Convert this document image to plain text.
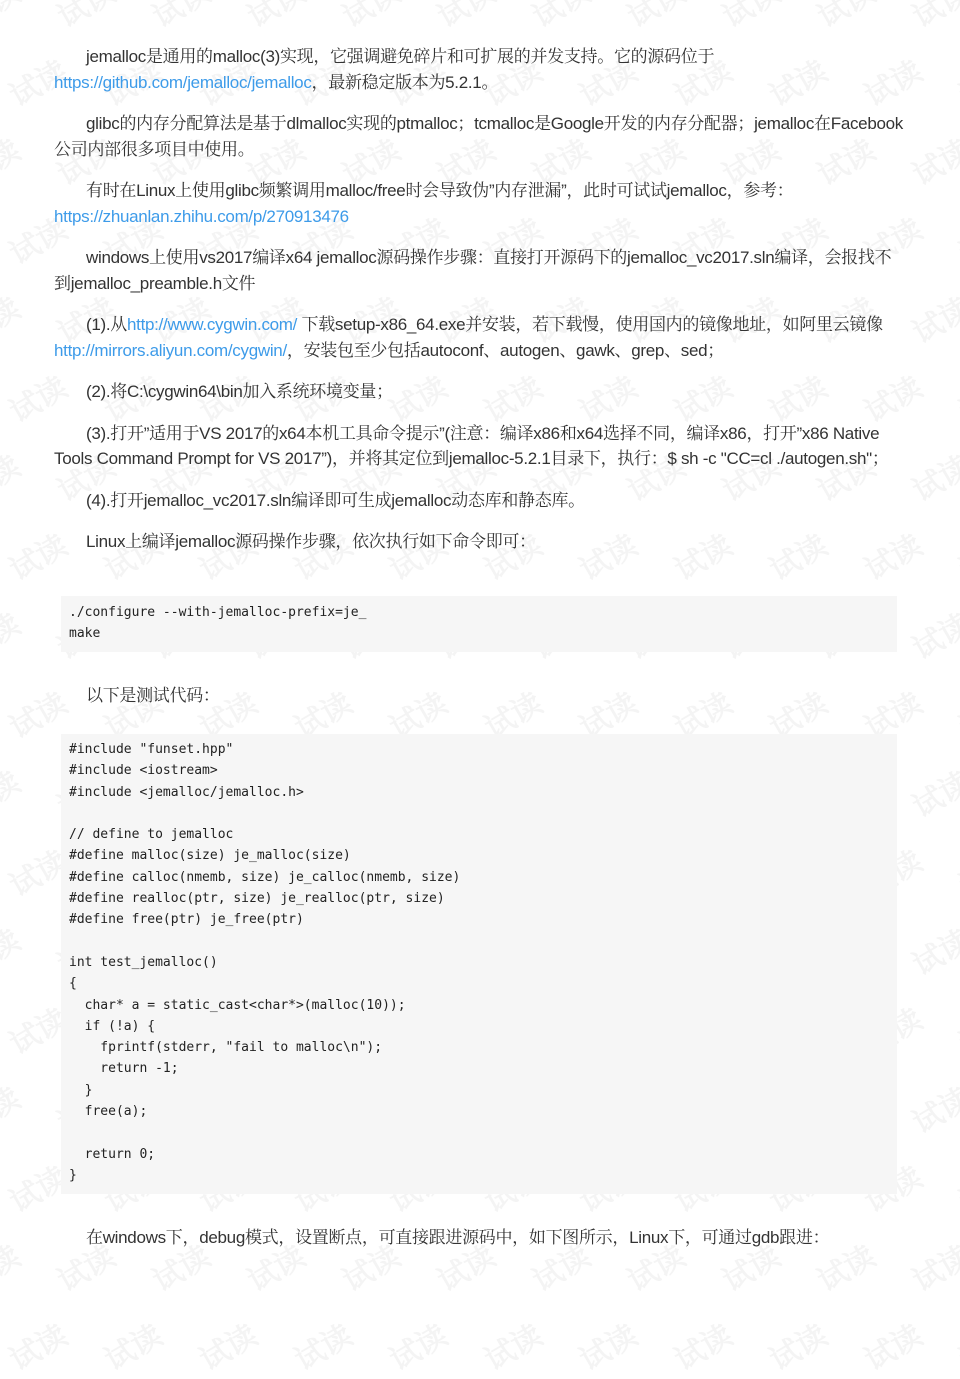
jemalloc是通用的malloc(3)实现，它强调避免碎片和可扩展的并发支持。它的源码位于https://github.com/jemalloc/jemalloc，最新稳定版本为5.2.1。

glibc的内存分配算法是基于dlmalloc实现的ptmalloc；tcmalloc是Google开发的内存分配器；jemalloc在Facebook公司内部很多项目中使用。

有时在Linux上使用glibc频繁调用malloc/free时会导致伪”内存泄漏”，此时可试试jemalloc，参考：https://zhuanlan.zhihu.com/p/270913476

windows上使用vs2017编译x64 jemalloc源码操作步骤：直接打开源码下的jemalloc_vc2017.sln编译，会报找不到jemalloc_preamble.h文件

(1).从http://www.cygwin.com/ 下载setup-x86_64.exe并安装，若下载慢，使用国内的镜像地址，如阿里云镜像http://mirrors.aliyun.com/cygwin/，安装包至少包括autoconf、autogen、gawk、grep、sed；

(2).将C:\cygwin64\bin加入系统环境变量；

(3).打开”适用于VS 2017的x64本机工具命令提示”(注意：编译x86和x64选择不同，编译x86，打开”x86 Native Tools Command Prompt for VS 2017”)，并将其定位到jemalloc-5.2.1目录下，执行：$ sh -c "CC=cl ./autogen.sh"；

(4).打开jemalloc_vc2017.sln编译即可生成jemalloc动态库和静态库。

Linux上编译jemalloc源码操作步骤，依次执行如下命令即可：

./configure --with-jemalloc-prefix=je_
make

以下是测试代码：

#include "funset.hpp"
#include <iostream>
#include <jemalloc/jemalloc.h>

// define to jemalloc
#define malloc(size) je_malloc(size)
#define calloc(nmemb, size) je_calloc(nmemb, size)
#define realloc(ptr, size) je_realloc(ptr, size)
#define free(ptr) je_free(ptr)

int test_jemalloc()
{
char* a = static_cast<char*>(malloc(10));
if (!a) {
fprintf(stderr, "fail to malloc\n");
return -1;
}
free(a);

return 0;
}

在windows下，debug模式，设置断点，可直接跟进源码中，如下图所示，Linux下，可通过gdb跟进：
